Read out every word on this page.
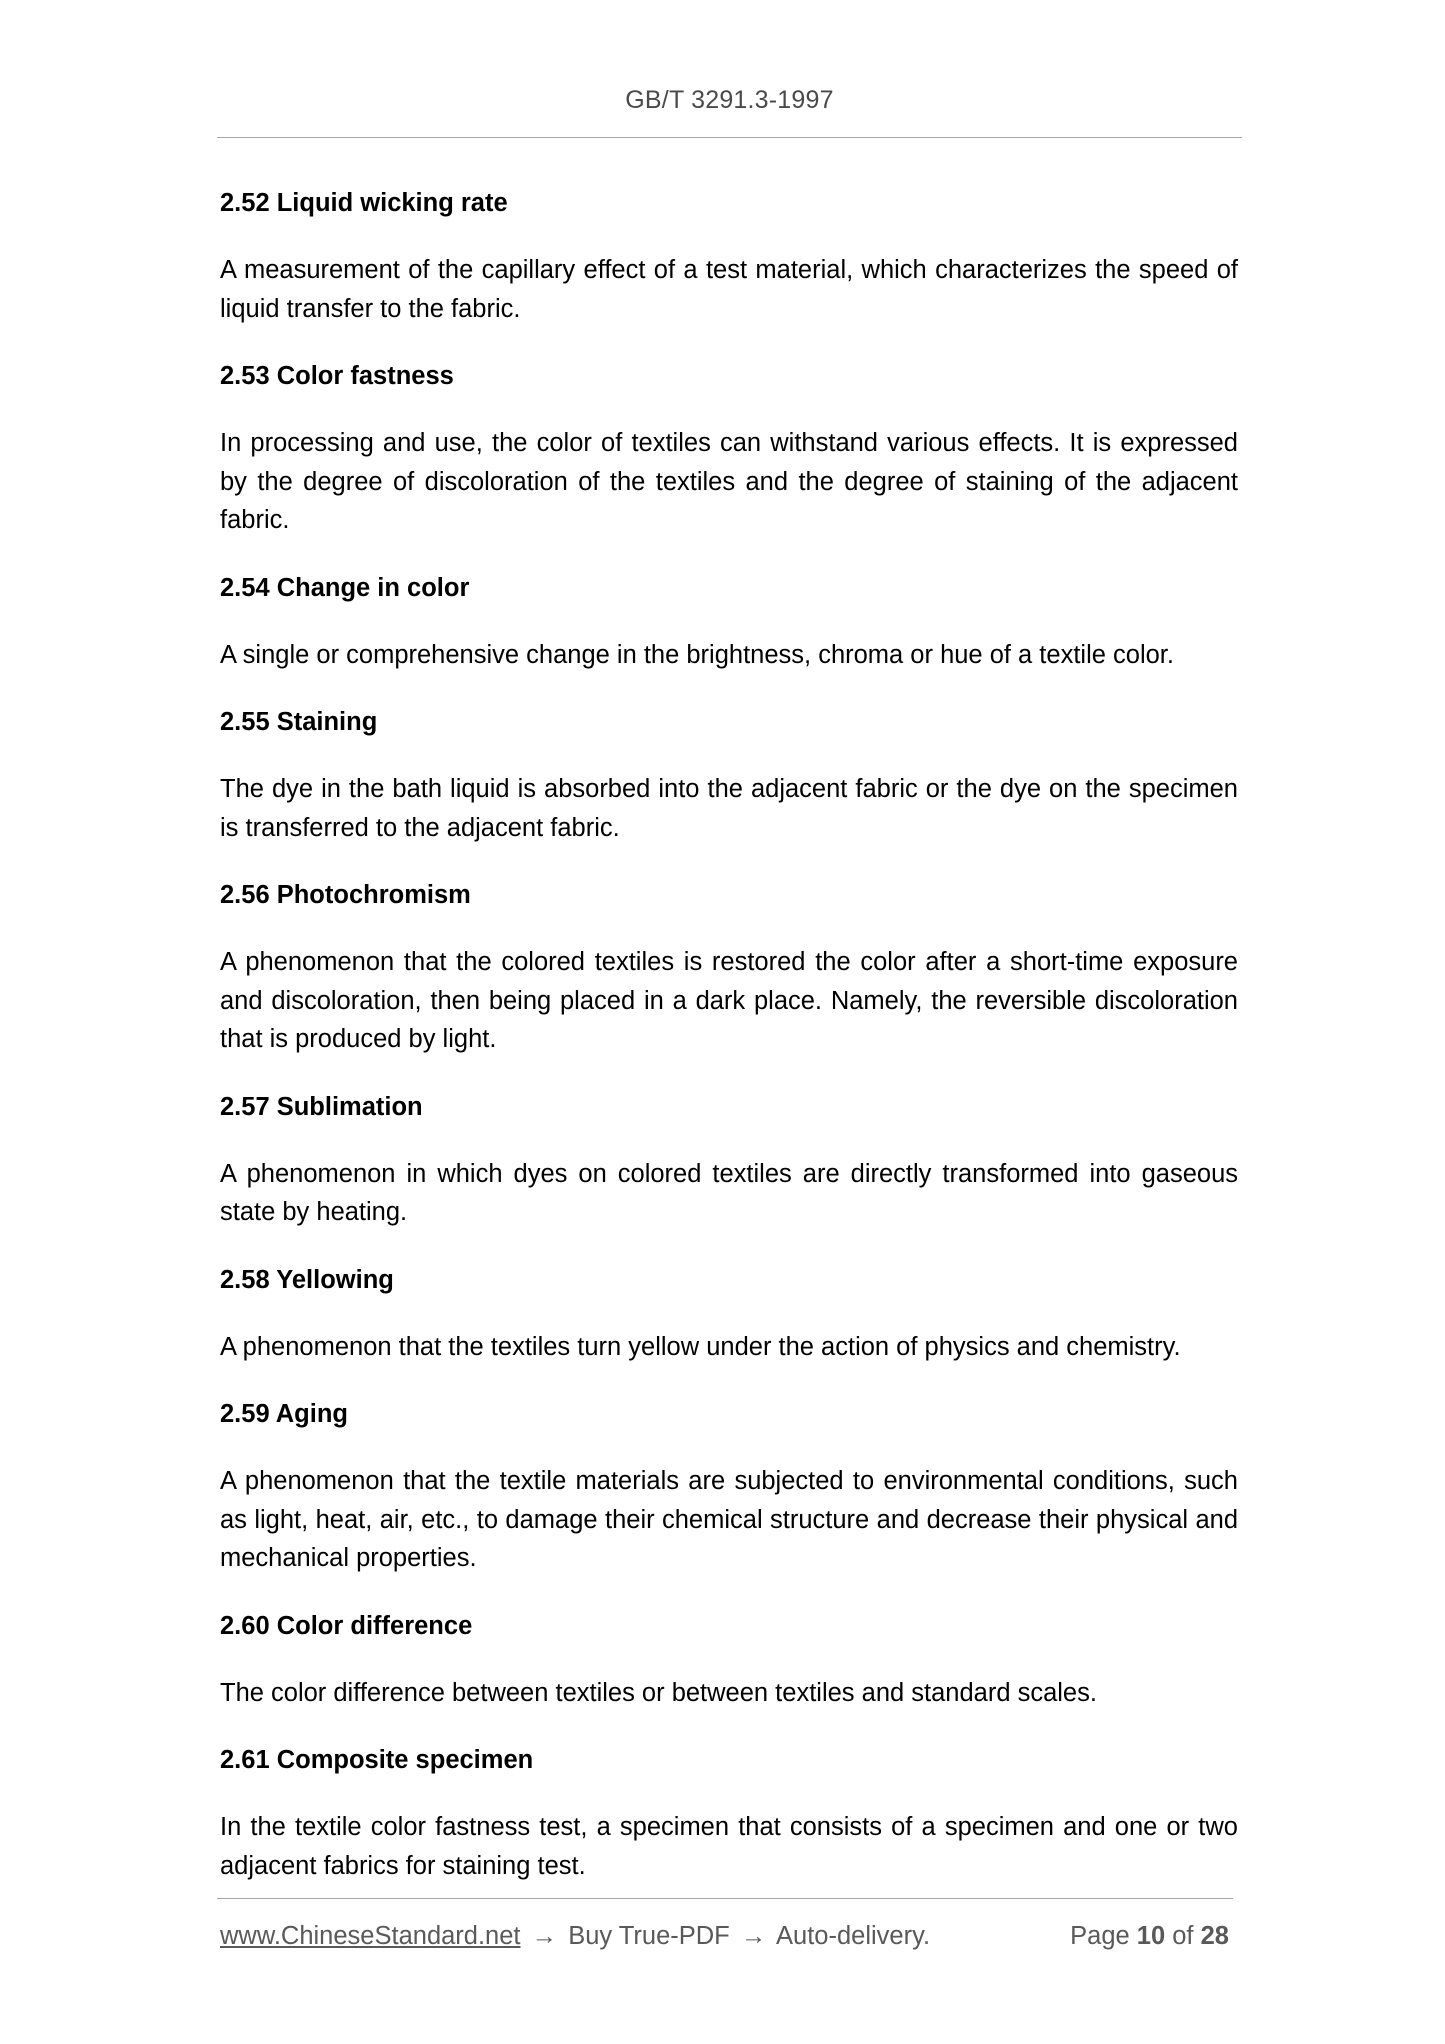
GB/T 3291.3-1997

2.52 Liquid wicking rate

A measurement of the capillary effect of a test material, which characterizes the speed of liquid transfer to the fabric.

2.53 Color fastness

In processing and use, the color of textiles can withstand various effects. It is expressed by the degree of discoloration of the textiles and the degree of staining of the adjacent fabric.

2.54 Change in color

A single or comprehensive change in the brightness, chroma or hue of a textile color.

2.55 Staining

The dye in the bath liquid is absorbed into the adjacent fabric or the dye on the specimen is transferred to the adjacent fabric.

2.56 Photochromism

A phenomenon that the colored textiles is restored the color after a short-time exposure and discoloration, then being placed in a dark place. Namely, the reversible discoloration that is produced by light.

2.57 Sublimation

A phenomenon in which dyes on colored textiles are directly transformed into gaseous state by heating.

2.58 Yellowing

A phenomenon that the textiles turn yellow under the action of physics and chemistry.

2.59 Aging

A phenomenon that the textile materials are subjected to environmental conditions, such as light, heat, air, etc., to damage their chemical structure and decrease their physical and mechanical properties.

2.60 Color difference

The color difference between textiles or between textiles and standard scales.

2.61 Composite specimen

In the textile color fastness test, a specimen that consists of a specimen and one or two adjacent fabrics for staining test.

www.ChineseStandard.net → Buy True-PDF → Auto-delivery.	Page 10 of 28
